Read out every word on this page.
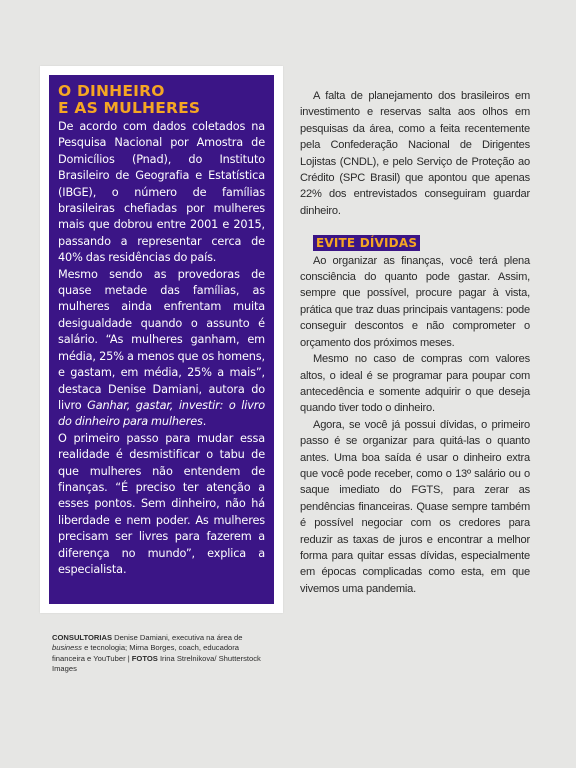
O DINHEIRO
E AS MULHERES

De acordo com dados coletados na Pesquisa Nacional por Amostra de Domicílios (Pnad), do Instituto Brasileiro de Geografia e Estatística (IBGE), o número de famílias brasileiras chefiadas por mulheres mais que dobrou entre 2001 e 2015, passando a representar cerca de 40% das residências do país.

Mesmo sendo as provedoras de quase metade das famílias, as mulheres ainda enfrentam muita desigualdade quando o assunto é salário. “As mulheres ganham, em média, 25% a menos que os homens, e gastam, em média, 25% a mais”, destaca Denise Damiani, autora do livro Ganhar, gastar, investir: o livro do dinheiro para mulheres.

O primeiro passo para mudar essa realidade é desmistificar o tabu de que mulheres não entendem de finanças. “É preciso ter atenção a esses pontos. Sem dinheiro, não há liberdade e nem poder. As mulheres precisam ser livres para fazerem a diferença no mundo”, explica a especialista.

CONSULTORIAS Denise Damiani, executiva na área de business e tecnologia; Mirna Borges, coach, educadora financeira e YouTuber | FOTOS Irina Strelnikova/ Shutterstock Images

A falta de planejamento dos brasileiros em investimento e reservas salta aos olhos em pesquisas da área, como a feita recentemente pela Confederação Nacional de Dirigentes Lojistas (CNDL), e pelo Serviço de Proteção ao Crédito (SPC Brasil) que apontou que apenas 22% dos entrevistados conseguiram guardar dinheiro.

EVITE DÍVIDAS

Ao organizar as finanças, você terá plena consciência do quanto pode gastar. Assim, sempre que possível, procure pagar à vista, prática que traz duas principais vantagens: pode conseguir descontos e não comprometer o orçamento dos próximos meses.

Mesmo no caso de compras com valores altos, o ideal é se programar para poupar com antecedência e somente adquirir o que deseja quando tiver todo o dinheiro.

Agora, se você já possui dívidas, o primeiro passo é se organizar para quitá-las o quanto antes. Uma boa saída é usar o dinheiro extra que você pode receber, como o 13º salário ou o saque imediato do FGTS, para zerar as pendências financeiras. Quase sempre também é possível negociar com os credores para reduzir as taxas de juros e encontrar a melhor forma para quitar essas dívidas, especialmente em épocas complicadas como esta, em que vivemos uma pandemia.
